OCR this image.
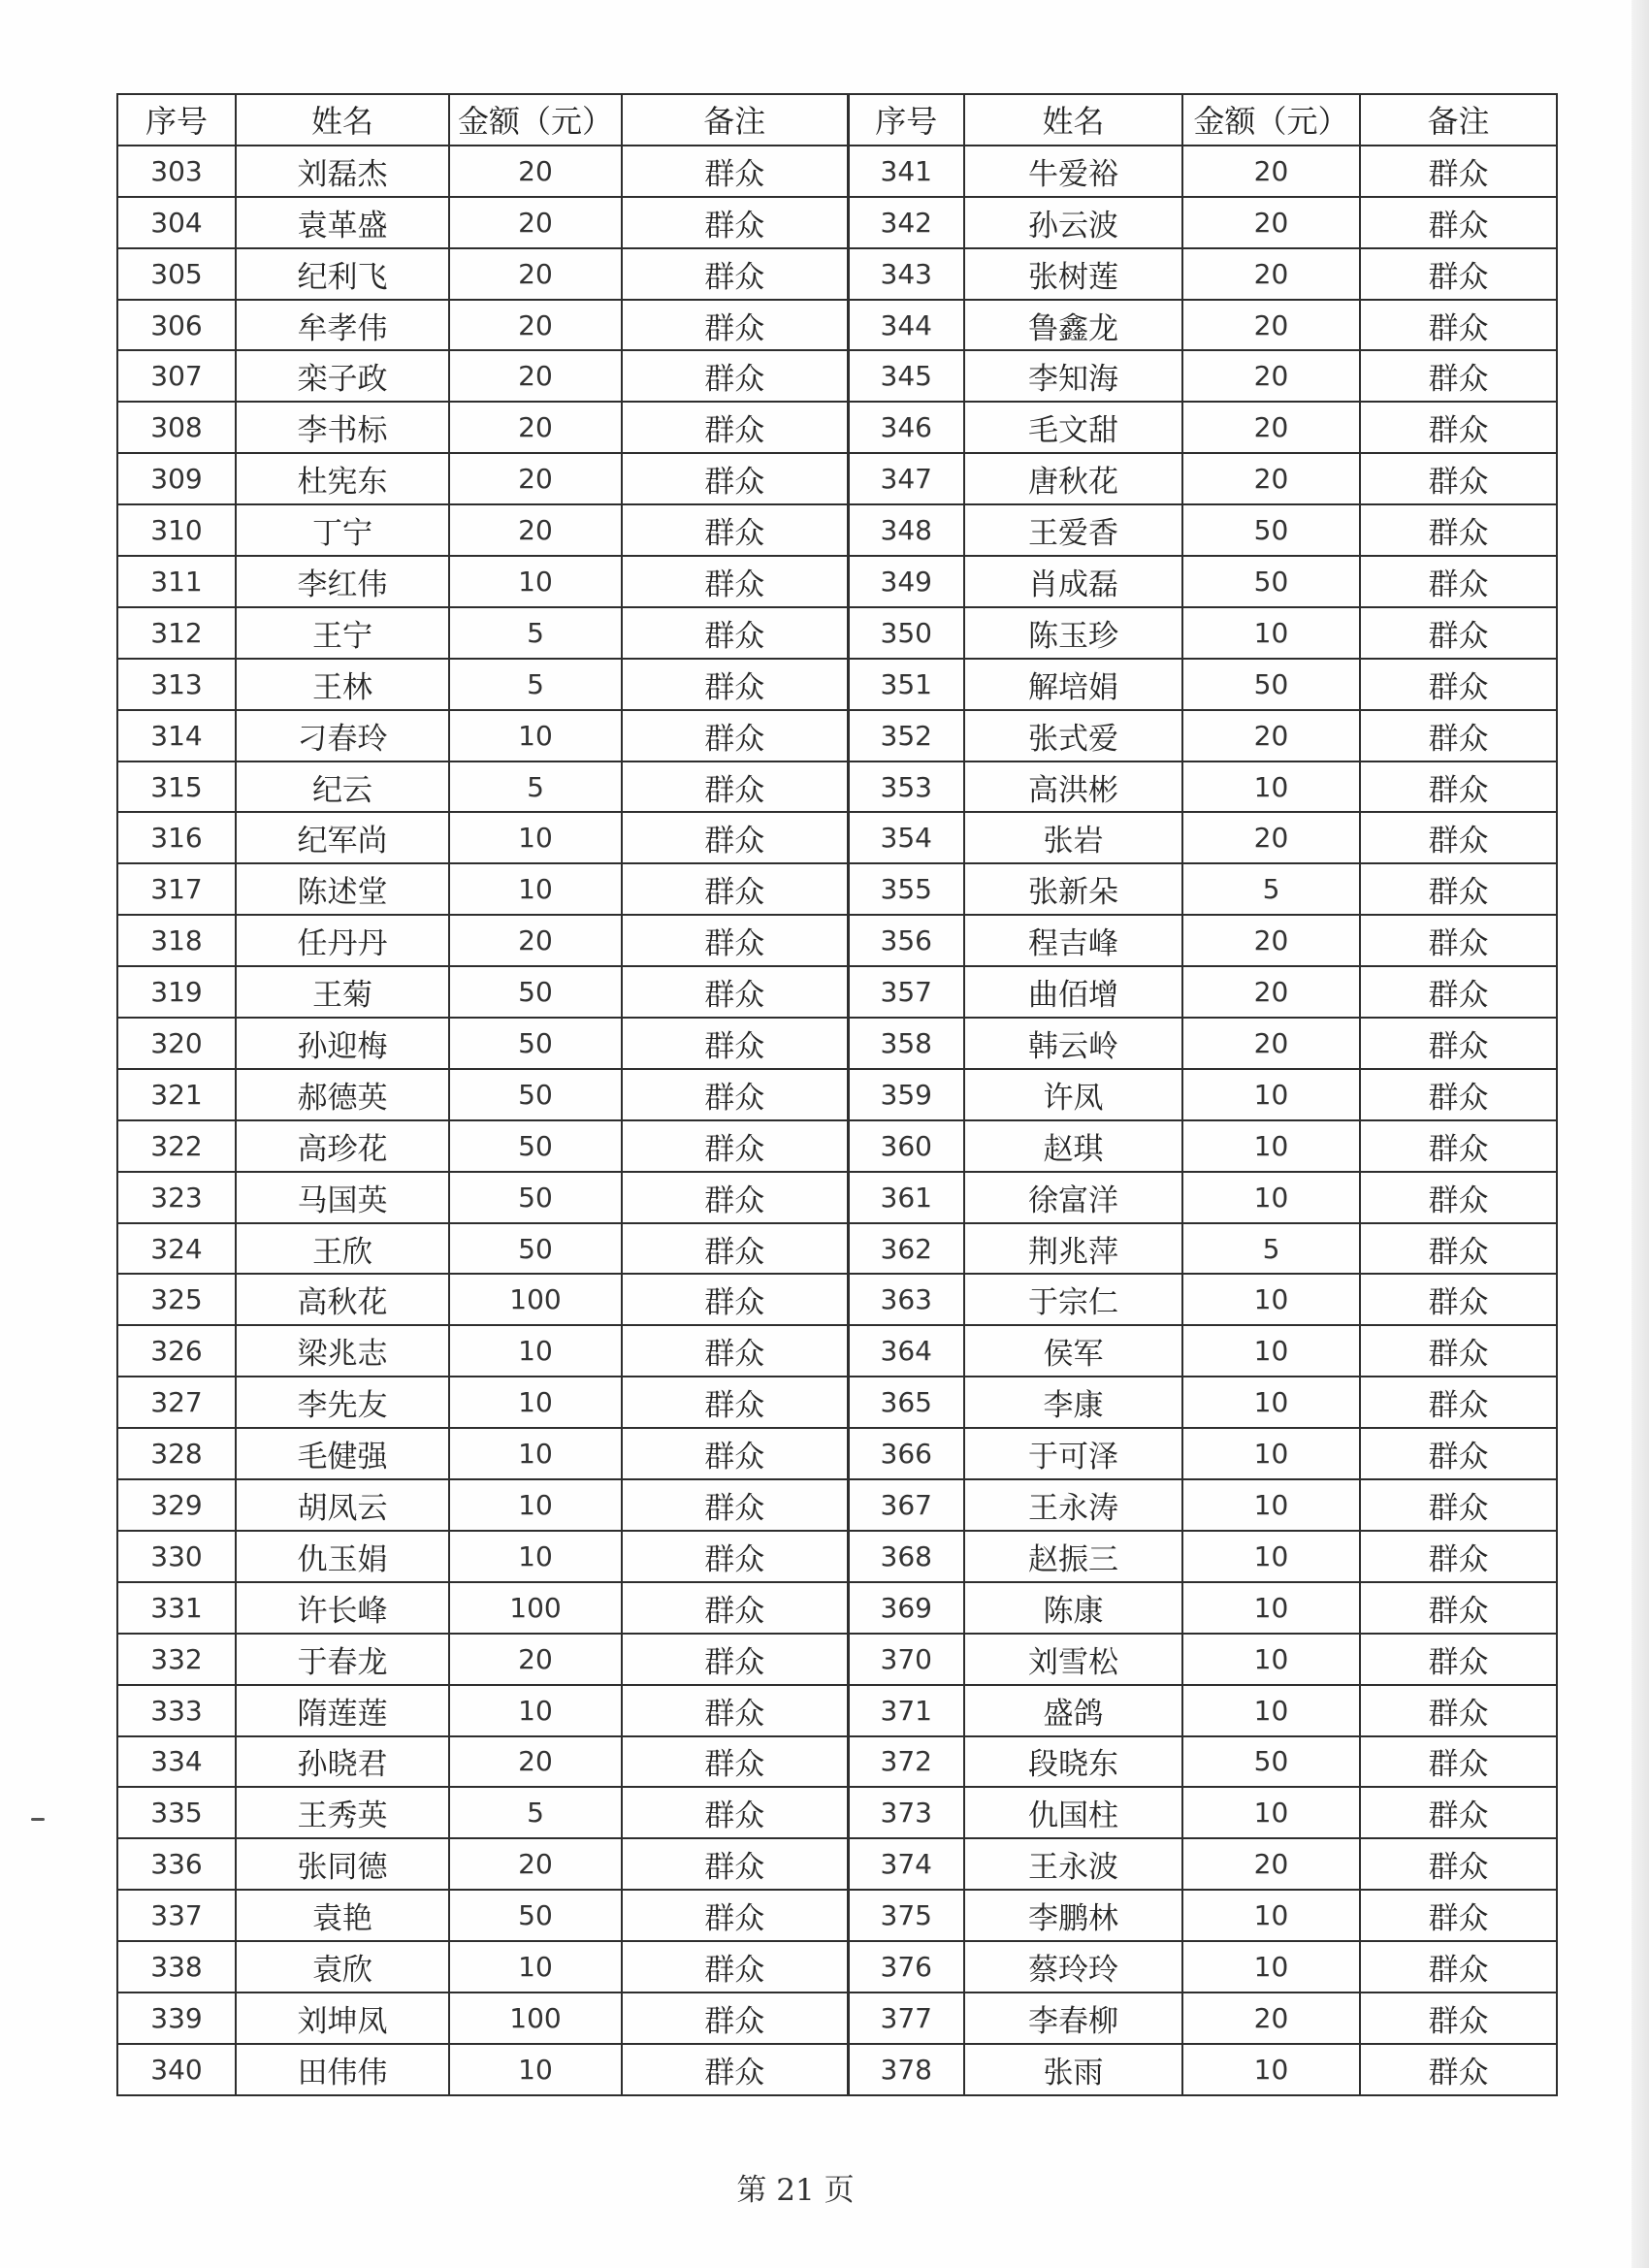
序号	姓名	金额（元）	备注	序号	姓名	金额（元）	备注
303	刘磊杰	20	群众	341	牛爱裕	20	群众
304	袁革盛	20	群众	342	孙云波	20	群众
305	纪利飞	20	群众	343	张树莲	20	群众
306	牟孝伟	20	群众	344	鲁鑫龙	20	群众
307	栾子政	20	群众	345	李知海	20	群众
308	李书标	20	群众	346	毛文甜	20	群众
309	杜宪东	20	群众	347	唐秋花	20	群众
310	丁宁	20	群众	348	王爱香	50	群众
311	李红伟	10	群众	349	肖成磊	50	群众
312	王宁	5	群众	350	陈玉珍	10	群众
313	王林	5	群众	351	解培娟	50	群众
314	刁春玲	10	群众	352	张式爱	20	群众
315	纪云	5	群众	353	高洪彬	10	群众
316	纪军尚	10	群众	354	张岩	20	群众
317	陈述堂	10	群众	355	张新朵	5	群众
318	任丹丹	20	群众	356	程吉峰	20	群众
319	王菊	50	群众	357	曲佰增	20	群众
320	孙迎梅	50	群众	358	韩云岭	20	群众
321	郝德英	50	群众	359	许凤	10	群众
322	高珍花	50	群众	360	赵琪	10	群众
323	马国英	50	群众	361	徐富洋	10	群众
324	王欣	50	群众	362	荆兆萍	5	群众
325	高秋花	100	群众	363	于宗仁	10	群众
326	梁兆志	10	群众	364	侯军	10	群众
327	李先友	10	群众	365	李康	10	群众
328	毛健强	10	群众	366	于可泽	10	群众
329	胡凤云	10	群众	367	王永涛	10	群众
330	仇玉娟	10	群众	368	赵振三	10	群众
331	许长峰	100	群众	369	陈康	10	群众
332	于春龙	20	群众	370	刘雪松	10	群众
333	隋莲莲	10	群众	371	盛鸽	10	群众
334	孙晓君	20	群众	372	段晓东	50	群众
335	王秀英	5	群众	373	仇国柱	10	群众
336	张同德	20	群众	374	王永波	20	群众
337	袁艳	50	群众	375	李鹏林	10	群众
338	袁欣	10	群众	376	蔡玲玲	10	群众
339	刘坤凤	100	群众	377	李春柳	20	群众
340	田伟伟	10	群众	378	张雨	10	群众
第 21 页
